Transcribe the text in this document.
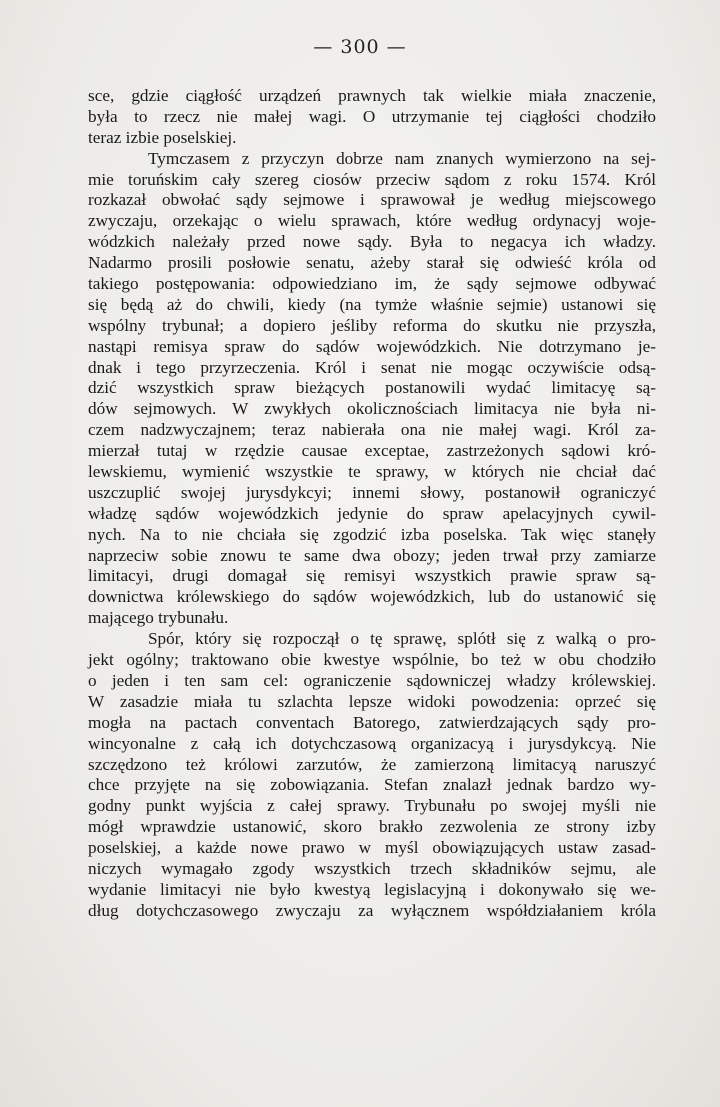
— 300 —
sce, gdzie ciągłość urządzeń prawnych tak wielkie miała znaczenie,
była to rzecz nie małej wagi. O utrzymanie tej ciągłości chodziło
teraz izbie poselskiej.
Tymczasem z przyczyn dobrze nam znanych wymierzono na sej-
mie toruńskim cały szereg ciosów przeciw sądom z roku 1574. Król
rozkazał obwołać sądy sejmowe i sprawował je według miejscowego
zwyczaju, orzekając o wielu sprawach, które według ordynacyj woje-
wódzkich należały przed nowe sądy. Była to negacya ich władzy.
Nadarmo prosili posłowie senatu, ażeby starał się odwieść króla od
takiego postępowania: odpowiedziano im, że sądy sejmowe odbywać
się będą aż do chwili, kiedy (na tymże właśnie sejmie) ustanowi się
wspólny trybunał; a dopiero jeśliby reforma do skutku nie przyszła,
nastąpi remisya spraw do sądów wojewódzkich. Nie dotrzymano je-
dnak i tego przyrzeczenia. Król i senat nie mogąc oczywiście odsą-
dzić wszystkich spraw bieżących postanowili wydać limitacyę są-
dów sejmowych. W zwykłych okolicznościach limitacya nie była ni-
czem nadzwyczajnem; teraz nabierała ona nie małej wagi. Król za-
mierzał tutaj w rzędzie causae exceptae, zastrzeżonych sądowi kró-
lewskiemu, wymienić wszystkie te sprawy, w których nie chciał dać
uszczuplić swojej jurysdykcyi; innemi słowy, postanowił ograniczyć
władzę sądów wojewódzkich jedynie do spraw apelacyjnych cywil-
nych. Na to nie chciała się zgodzić izba poselska. Tak więc stanęły
naprzeciw sobie znowu te same dwa obozy; jeden trwał przy zamiarze
limitacyi, drugi domagał się remisyi wszystkich prawie spraw są-
downictwa królewskiego do sądów wojewódzkich, lub do ustanowić się
mającego trybunału.
Spór, który się rozpoczął o tę sprawę, splótł się z walką o pro-
jekt ogólny; traktowano obie kwestye wspólnie, bo też w obu chodziło
o jeden i ten sam cel: ograniczenie sądowniczej władzy królewskiej.
W zasadzie miała tu szlachta lepsze widoki powodzenia: oprzeć się
mogła na pactach conventach Batorego, zatwierdzających sądy pro-
wincyonalne z całą ich dotychczasową organizacyą i jurysdykcyą. Nie
szczędzono też królowi zarzutów, że zamierzoną limitacyą naruszyć
chce przyjęte na się zobowiązania. Stefan znalazł jednak bardzo wy-
godny punkt wyjścia z całej sprawy. Trybunału po swojej myśli nie
mógł wprawdzie ustanowić, skoro brakło zezwolenia ze strony izby
poselskiej, a każde nowe prawo w myśl obowiązujących ustaw zasad-
niczych wymagało zgody wszystkich trzech składników sejmu, ale
wydanie limitacyi nie było kwestyą legislacyjną i dokonywało się we-
dług dotychczasowego zwyczaju za wyłącznem współdziałaniem króla
